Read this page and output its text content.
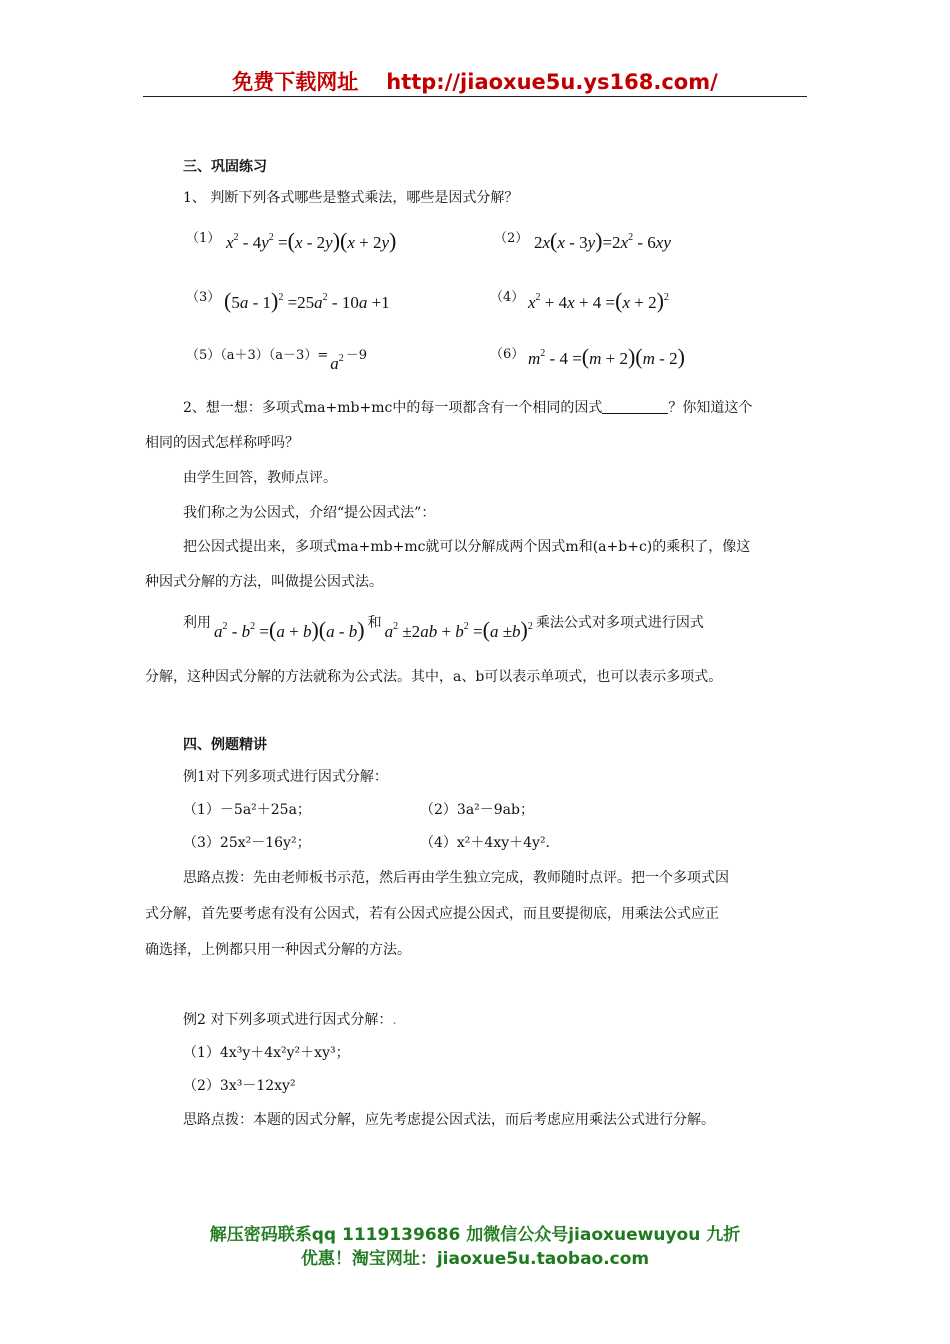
免费下载网址 http://jiaoxue5u.ys168.com/
三、巩固练习
1、 判断下列各式哪些是整式乘法，哪些是因式分解？
（1） $x^2 - 4y^2 =(x - 2y)(x + 2y)$	（2） $2x(x - 3y)=2x^2 - 6xy$
（3） $(5a - 1)^2 =25a^2 - 10a +1$	（4） $x^2 + 4x + 4 =(x + 2)^2$
$(5)(a+3)(a-3)= a^2 -9$	（6） $m^2 - 4 =(m + 2)(m - 2)$
2、想一想：多项式ma+mb+mc中的每一项都含有一个相同的因式	？你知道这个
相同的因式怎样称呼吗？
由学生回答，教师点评。
我们称之为公因式，介绍“提公因式法”：
把公因式提出来，多项式ma+mb+mc就可以分解成两个因式m和(a+b+c)的乘积了，像这
种因式分解的方法，叫做提公因式法。
利用 $a^2 - b^2 =(a + b)(a - b)$ 和 $a^2 \pm 2ab + b^2 =(a \pm b)^2$ 乘法公式对多项式进行因式
分解，这种因式分解的方法就称为公式法。其中，a、b可以表示单项式，也可以表示多项式。
四、例题精讲
例1对下列多项式进行因式分解：
（1）－5a²＋25a；	（2）3a²－9ab；
（3）25x²－16y²；	（4）x²＋4xy＋4y².
思路点拨：先由老师板书示范，然后再由学生独立完成，教师随时点评。把一个多项式因
式分解，首先要考虑有没有公因式，若有公因式应提公因式，而且要提彻底，用乘法公式应正
确选择，上例都只用一种因式分解的方法。
例2 对下列多项式进行因式分解：.
（1）4x³y＋4x²y²＋xy³；
（2）3x³－12xy²
思路点拨：本题的因式分解，应先考虑提公因式法，而后考虑应用乘法公式进行分解。
解压密码联系qq 1119139686 加微信公众号jiaoxuewuyou 九折
优惠！淘宝网址：jiaoxue5u.taobao.com
